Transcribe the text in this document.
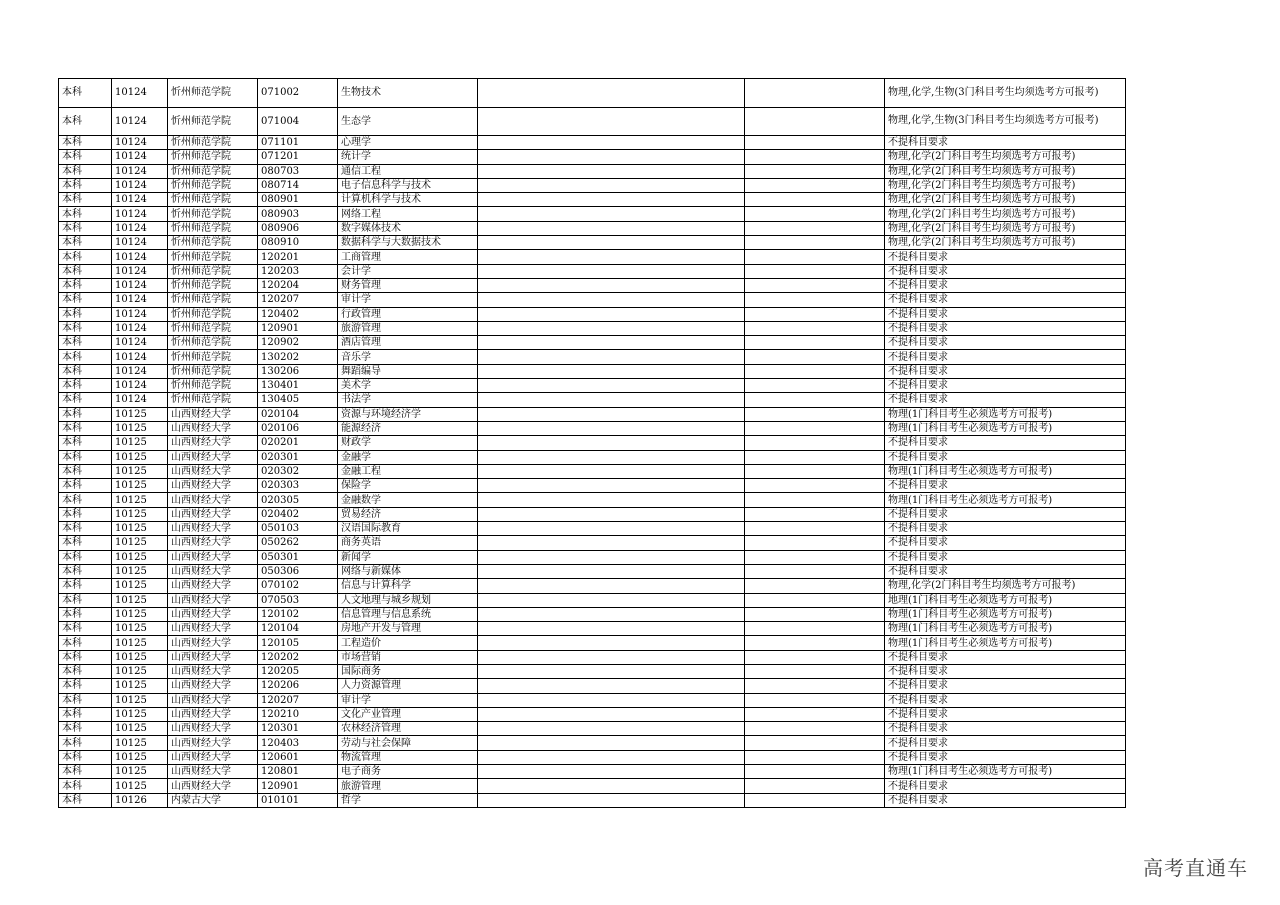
本科	10124	忻州师范学院	071002	生物技术			物理,化学,生物(3门科目考生均须选考方可报考)
本科	10124	忻州师范学院	071004	生态学			物理,化学,生物(3门科目考生均须选考方可报考)
本科	10124	忻州师范学院	071101	心理学			不提科目要求
本科	10124	忻州师范学院	071201	统计学			物理,化学(2门科目考生均须选考方可报考)
本科	10124	忻州师范学院	080703	通信工程			物理,化学(2门科目考生均须选考方可报考)
本科	10124	忻州师范学院	080714	电子信息科学与技术			物理,化学(2门科目考生均须选考方可报考)
本科	10124	忻州师范学院	080901	计算机科学与技术			物理,化学(2门科目考生均须选考方可报考)
本科	10124	忻州师范学院	080903	网络工程			物理,化学(2门科目考生均须选考方可报考)
本科	10124	忻州师范学院	080906	数字媒体技术			物理,化学(2门科目考生均须选考方可报考)
本科	10124	忻州师范学院	080910	数据科学与大数据技术			物理,化学(2门科目考生均须选考方可报考)
本科	10124	忻州师范学院	120201	工商管理			不提科目要求
本科	10124	忻州师范学院	120203	会计学			不提科目要求
本科	10124	忻州师范学院	120204	财务管理			不提科目要求
本科	10124	忻州师范学院	120207	审计学			不提科目要求
本科	10124	忻州师范学院	120402	行政管理			不提科目要求
本科	10124	忻州师范学院	120901	旅游管理			不提科目要求
本科	10124	忻州师范学院	120902	酒店管理			不提科目要求
本科	10124	忻州师范学院	130202	音乐学			不提科目要求
本科	10124	忻州师范学院	130206	舞蹈编导			不提科目要求
本科	10124	忻州师范学院	130401	美术学			不提科目要求
本科	10124	忻州师范学院	130405	书法学			不提科目要求
本科	10125	山西财经大学	020104	资源与环境经济学			物理(1门科目考生必须选考方可报考)
本科	10125	山西财经大学	020106	能源经济			物理(1门科目考生必须选考方可报考)
本科	10125	山西财经大学	020201	财政学			不提科目要求
本科	10125	山西财经大学	020301	金融学			不提科目要求
本科	10125	山西财经大学	020302	金融工程			物理(1门科目考生必须选考方可报考)
本科	10125	山西财经大学	020303	保险学			不提科目要求
本科	10125	山西财经大学	020305	金融数学			物理(1门科目考生必须选考方可报考)
本科	10125	山西财经大学	020402	贸易经济			不提科目要求
本科	10125	山西财经大学	050103	汉语国际教育			不提科目要求
本科	10125	山西财经大学	050262	商务英语			不提科目要求
本科	10125	山西财经大学	050301	新闻学			不提科目要求
本科	10125	山西财经大学	050306	网络与新媒体			不提科目要求
本科	10125	山西财经大学	070102	信息与计算科学			物理,化学(2门科目考生均须选考方可报考)
本科	10125	山西财经大学	070503	人文地理与城乡规划			地理(1门科目考生必须选考方可报考)
本科	10125	山西财经大学	120102	信息管理与信息系统			物理(1门科目考生必须选考方可报考)
本科	10125	山西财经大学	120104	房地产开发与管理			物理(1门科目考生必须选考方可报考)
本科	10125	山西财经大学	120105	工程造价			物理(1门科目考生必须选考方可报考)
本科	10125	山西财经大学	120202	市场营销			不提科目要求
本科	10125	山西财经大学	120205	国际商务			不提科目要求
本科	10125	山西财经大学	120206	人力资源管理			不提科目要求
本科	10125	山西财经大学	120207	审计学			不提科目要求
本科	10125	山西财经大学	120210	文化产业管理			不提科目要求
本科	10125	山西财经大学	120301	农林经济管理			不提科目要求
本科	10125	山西财经大学	120403	劳动与社会保障			不提科目要求
本科	10125	山西财经大学	120601	物流管理			不提科目要求
本科	10125	山西财经大学	120801	电子商务			物理(1门科目考生必须选考方可报考)
本科	10125	山西财经大学	120901	旅游管理			不提科目要求
本科	10126	内蒙古大学	010101	哲学			不提科目要求
高考直通车
